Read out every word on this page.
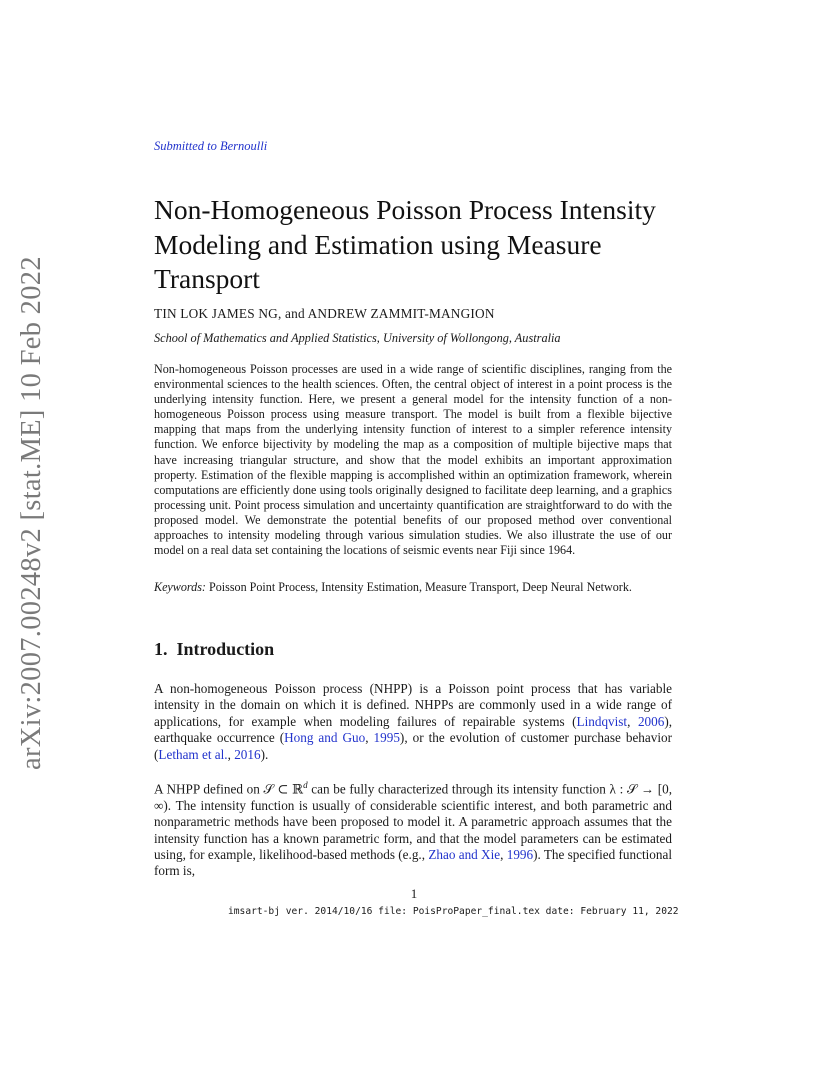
arXiv:2007.00248v2 [stat.ME] 10 Feb 2022
Submitted to Bernoulli
Non-Homogeneous Poisson Process Intensity Modeling and Estimation using Measure Transport
TIN LOK JAMES NG, and ANDREW ZAMMIT-MANGION
School of Mathematics and Applied Statistics, University of Wollongong, Australia
Non-homogeneous Poisson processes are used in a wide range of scientific disciplines, ranging from the environmental sciences to the health sciences. Often, the central object of interest in a point process is the underlying intensity function. Here, we present a general model for the intensity function of a non-homogeneous Poisson process using measure transport. The model is built from a flexible bijective mapping that maps from the underlying intensity function of interest to a simpler reference intensity function. We enforce bijectivity by modeling the map as a composition of multiple bijective maps that have increasing triangular structure, and show that the model exhibits an important approximation property. Estimation of the flexible mapping is accomplished within an optimization framework, wherein computations are efficiently done using tools originally designed to facilitate deep learning, and a graphics processing unit. Point process simulation and uncertainty quantification are straightforward to do with the proposed model. We demonstrate the potential benefits of our proposed method over conventional approaches to intensity modeling through various simulation studies. We also illustrate the use of our model on a real data set containing the locations of seismic events near Fiji since 1964.
Keywords: Poisson Point Process, Intensity Estimation, Measure Transport, Deep Neural Network.
1. Introduction
A non-homogeneous Poisson process (NHPP) is a Poisson point process that has variable intensity in the domain on which it is defined. NHPPs are commonly used in a wide range of applications, for example when modeling failures of repairable systems (Lindqvist, 2006), earthquake occurrence (Hong and Guo, 1995), or the evolution of customer purchase behavior (Letham et al., 2016).
A NHPP defined on 𝒮 ⊂ ℝ$^d$ can be fully characterized through its intensity function λ : 𝒮 → [0, ∞). The intensity function is usually of considerable scientific interest, and both parametric and nonparametric methods have been proposed to model it. A parametric approach assumes that the intensity function has a known parametric form, and that the model parameters can be estimated using, for example, likelihood-based methods (e.g., Zhao and Xie, 1996). The specified functional form is,
1
imsart-bj ver. 2014/10/16 file: PoisProPaper_final.tex date: February 11, 2022
